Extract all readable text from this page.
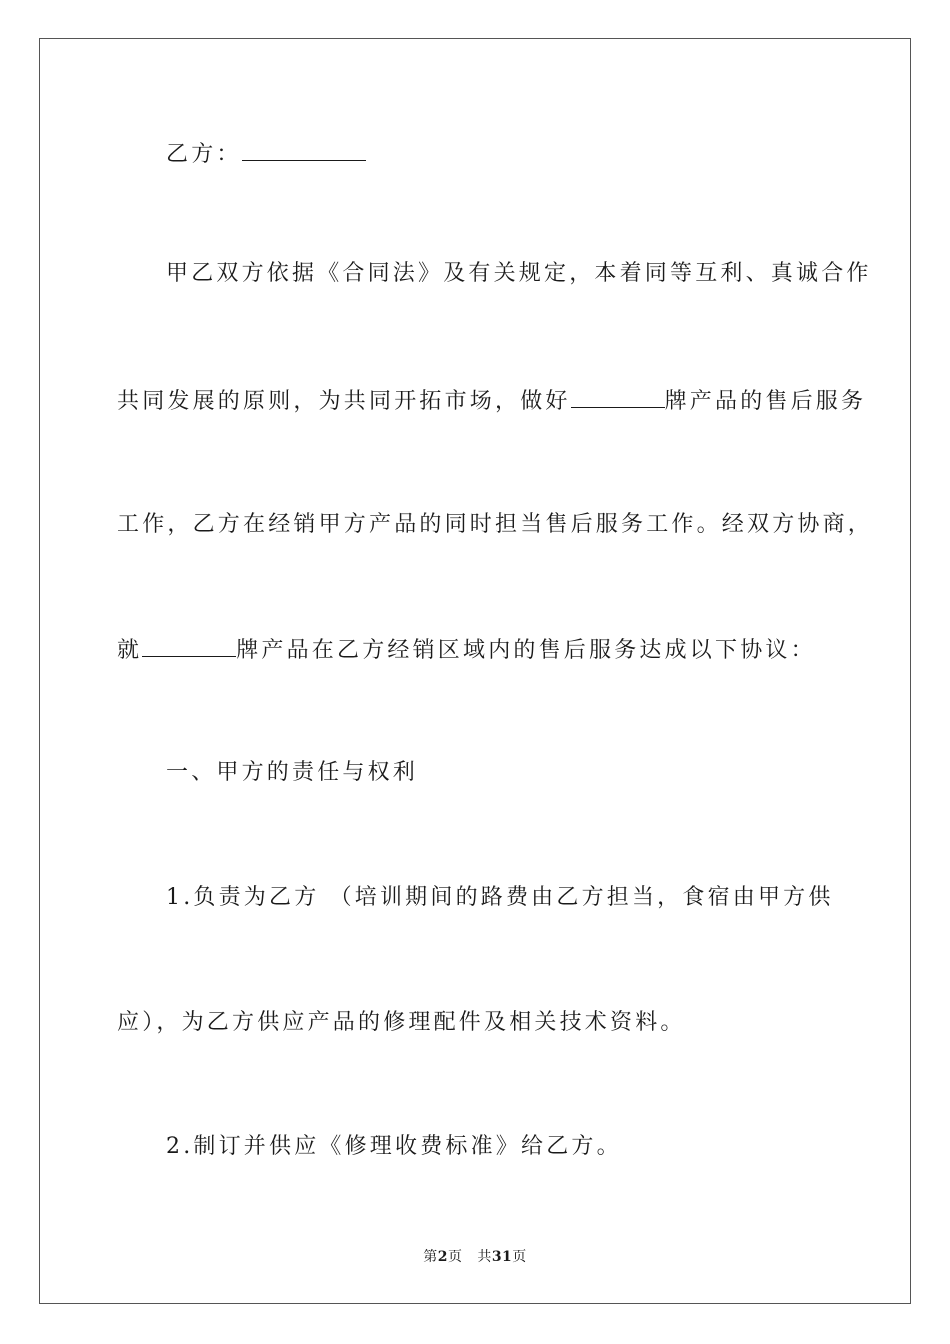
乙方：
甲乙双方依据《合同法》及有关规定，本着同等互利、真诚合作
共同发展的原则，为共同开拓市场，做好	牌产品的售后服务
工作，乙方在经销甲方产品的同时担当售后服务工作。经双方协商，
就	牌产品在乙方经销区域内的售后服务达成以下协议：
一、甲方的责任与权利
1.负责为乙方 （培训期间的路费由乙方担当，食宿由甲方供
应），为乙方供应产品的修理配件及相关技术资料。
2.制订并供应《修理收费标准》给乙方。
第2页 共31页
